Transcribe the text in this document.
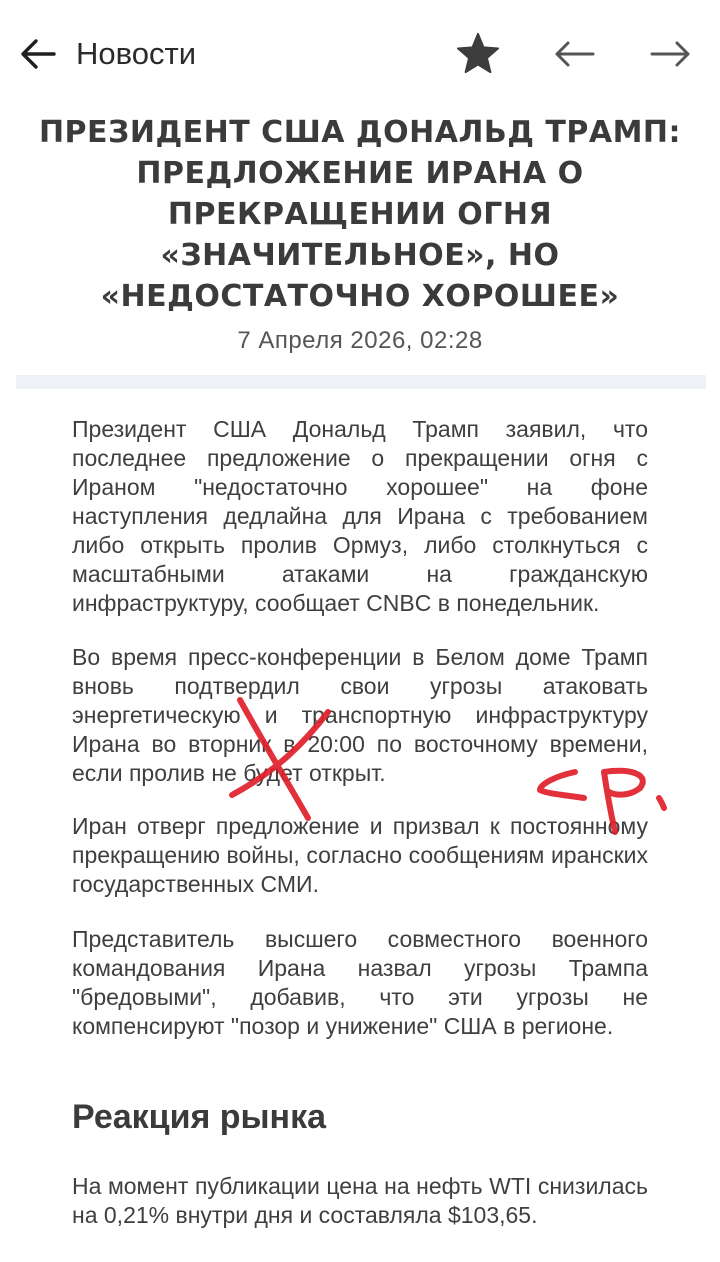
Новости
ПРЕЗИДЕНТ США ДОНАЛЬД ТРАМП: ПРЕДЛОЖЕНИЕ ИРАНА О ПРЕКРАЩЕНИИ ОГНЯ «ЗНАЧИТЕЛЬНОЕ», НО «НЕДОСТАТОЧНО ХОРОШЕЕ»
7 Апреля 2026, 02:28

Президент США Дональд Трамп заявил, что последнее предложение о прекращении огня с Ираном "недостаточно хорошее" на фоне наступления дедлайна для Ирана с требованием либо открыть пролив Ормуз, либо столкнуться с масштабными атаками на гражданскую инфраструктуру, сообщает CNBC в понедельник.

Во время пресс-конференции в Белом доме Трамп вновь подтвердил свои угрозы атаковать энергетическую и транспортную инфраструктуру Ирана во вторник в 20:00 по восточному времени, если пролив не будет открыт.

Иран отверг предложение и призвал к постоянному прекращению войны, согласно сообщениям иранских государственных СМИ.

Представитель высшего совместного военного командования Ирана назвал угрозы Трампа "бредовыми", добавив, что эти угрозы не компенсируют "позор и унижение" США в регионе.

Реакция рынка

На момент публикации цена на нефть WTI снизилась на 0,21% внутри дня и составляла $103,65.
